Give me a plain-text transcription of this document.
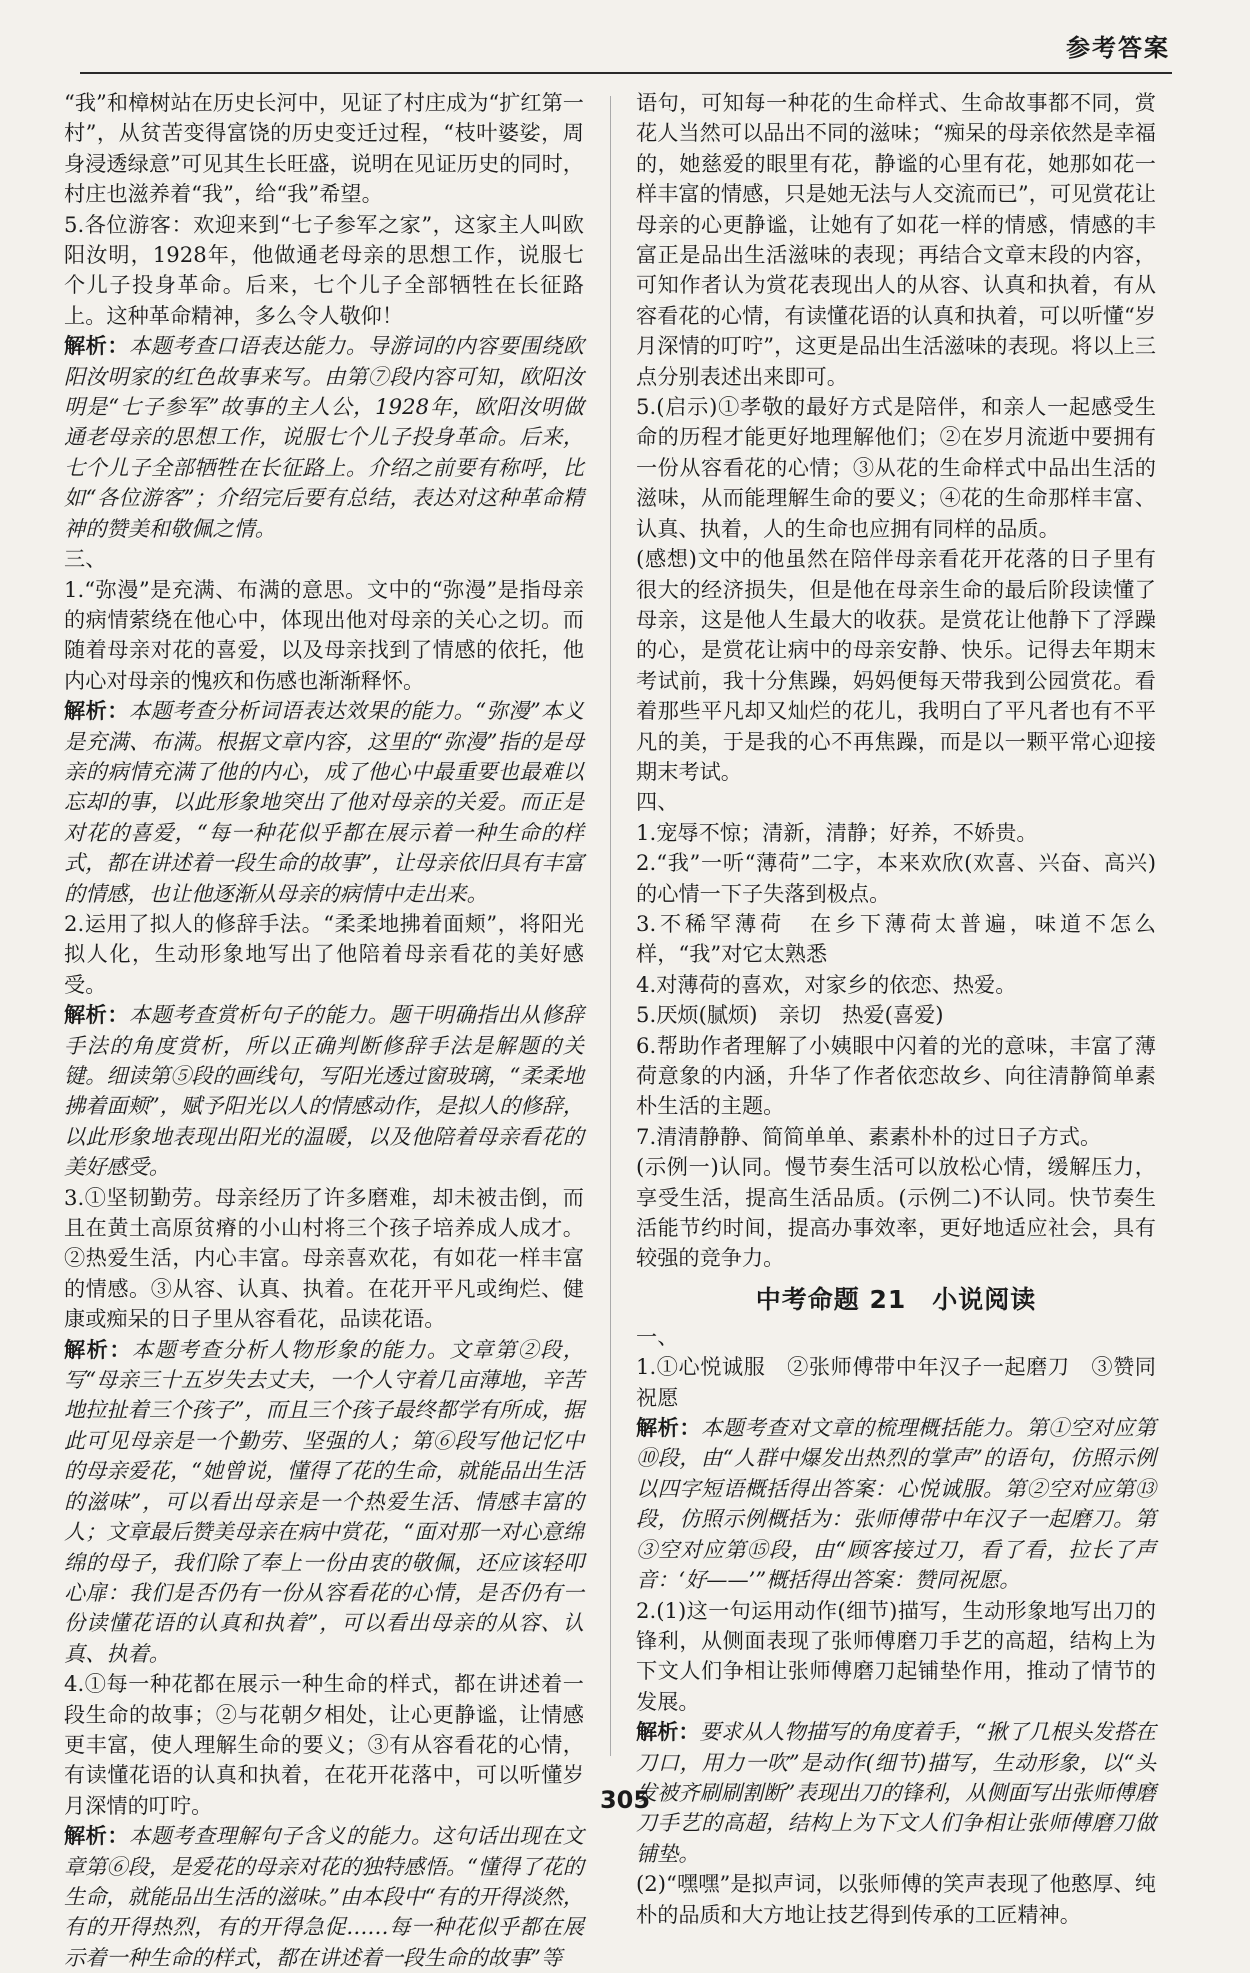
参考答案

“我”和樟树站在历史长河中，见证了村庄成为“扩红第一村”，从贫苦变得富饶的历史变迁过程，“枝叶婆娑，周身浸透绿意”可见其生长旺盛，说明在见证历史的同时，村庄也滋养着“我”，给“我”希望。

5.各位游客：欢迎来到“七子参军之家”，这家主人叫欧阳汝明，1928年，他做通老母亲的思想工作，说服七个儿子投身革命。后来，七个儿子全部牺牲在长征路上。这种革命精神，多么令人敬仰！

解析：本题考查口语表达能力。导游词的内容要围绕欧阳汝明家的红色故事来写。由第⑦段内容可知，欧阳汝明是“七子参军”故事的主人公，1928年，欧阳汝明做通老母亲的思想工作，说服七个儿子投身革命。后来，七个儿子全部牺牲在长征路上。介绍之前要有称呼，比如“各位游客”；介绍完后要有总结，表达对这种革命精神的赞美和敬佩之情。

三、

1.“弥漫”是充满、布满的意思。文中的“弥漫”是指母亲的病情萦绕在他心中，体现出他对母亲的关心之切。而随着母亲对花的喜爱，以及母亲找到了情感的依托，他内心对母亲的愧疚和伤感也渐渐释怀。

解析：本题考查分析词语表达效果的能力。“弥漫”本义是充满、布满。根据文章内容，这里的“弥漫”指的是母亲的病情充满了他的内心，成了他心中最重要也最难以忘却的事，以此形象地突出了他对母亲的关爱。而正是对花的喜爱，“每一种花似乎都在展示着一种生命的样式，都在讲述着一段生命的故事”，让母亲依旧具有丰富的情感，也让他逐渐从母亲的病情中走出来。

2.运用了拟人的修辞手法。“柔柔地拂着面颊”，将阳光拟人化，生动形象地写出了他陪着母亲看花的美好感受。

解析：本题考查赏析句子的能力。题干明确指出从修辞手法的角度赏析，所以正确判断修辞手法是解题的关键。细读第⑤段的画线句，写阳光透过窗玻璃，“柔柔地拂着面颊”，赋予阳光以人的情感动作，是拟人的修辞，以此形象地表现出阳光的温暖，以及他陪着母亲看花的美好感受。

3.①坚韧勤劳。母亲经历了许多磨难，却未被击倒，而且在黄土高原贫瘠的小山村将三个孩子培养成人成才。②热爱生活，内心丰富。母亲喜欢花，有如花一样丰富的情感。③从容、认真、执着。在花开平凡或绚烂、健康或痴呆的日子里从容看花，品读花语。

解析：本题考查分析人物形象的能力。文章第②段，写“母亲三十五岁失去丈夫，一个人守着几亩薄地，辛苦地拉扯着三个孩子”，而且三个孩子最终都学有所成，据此可见母亲是一个勤劳、坚强的人；第⑥段写他记忆中的母亲爱花，“她曾说，懂得了花的生命，就能品出生活的滋味”，可以看出母亲是一个热爱生活、情感丰富的人；文章最后赞美母亲在病中赏花，“面对那一对心意绵绵的母子，我们除了奉上一份由衷的敬佩，还应该轻叩心扉：我们是否仍有一份从容看花的心情，是否仍有一份读懂花语的认真和执着”，可以看出母亲的从容、认真、执着。

4.①每一种花都在展示一种生命的样式，都在讲述着一段生命的故事；②与花朝夕相处，让心更静谧，让情感更丰富，使人理解生命的要义；③有从容看花的心情，有读懂花语的认真和执着，在花开花落中，可以听懂岁月深情的叮咛。

解析：本题考查理解句子含义的能力。这句话出现在文章第⑥段，是爱花的母亲对花的独特感悟。“懂得了花的生命，就能品出生活的滋味。”由本段中“有的开得淡然，有的开得热烈，有的开得急促……每一种花似乎都在展示着一种生命的样式，都在讲述着一段生命的故事”等

语句，可知每一种花的生命样式、生命故事都不同，赏花人当然可以品出不同的滋味；“痴呆的母亲依然是幸福的，她慈爱的眼里有花，静谧的心里有花，她那如花一样丰富的情感，只是她无法与人交流而已”，可见赏花让母亲的心更静谧，让她有了如花一样的情感，情感的丰富正是品出生活滋味的表现；再结合文章末段的内容，可知作者认为赏花表现出人的从容、认真和执着，有从容看花的心情，有读懂花语的认真和执着，可以听懂“岁月深情的叮咛”，这更是品出生活滋味的表现。将以上三点分别表述出来即可。

5.(启示)①孝敬的最好方式是陪伴，和亲人一起感受生命的历程才能更好地理解他们；②在岁月流逝中要拥有一份从容看花的心情；③从花的生命样式中品出生活的滋味，从而能理解生命的要义；④花的生命那样丰富、认真、执着，人的生命也应拥有同样的品质。

(感想)文中的他虽然在陪伴母亲看花开花落的日子里有很大的经济损失，但是他在母亲生命的最后阶段读懂了母亲，这是他人生最大的收获。是赏花让他静下了浮躁的心，是赏花让病中的母亲安静、快乐。记得去年期末考试前，我十分焦躁，妈妈便每天带我到公园赏花。看着那些平凡却又灿烂的花儿，我明白了平凡者也有不平凡的美，于是我的心不再焦躁，而是以一颗平常心迎接期末考试。

四、

1.宠辱不惊；清新，清静；好养，不娇贵。

2.“我”一听“薄荷”二字，本来欢欣(欢喜、兴奋、高兴)的心情一下子失落到极点。

3.不稀罕薄荷　在乡下薄荷太普遍，味道不怎么样，“我”对它太熟悉

4.对薄荷的喜欢，对家乡的依恋、热爱。

5.厌烦(腻烦)　亲切　热爱(喜爱)

6.帮助作者理解了小姨眼中闪着的光的意味，丰富了薄荷意象的内涵，升华了作者依恋故乡、向往清静简单素朴生活的主题。

7.清清静静、简简单单、素素朴朴的过日子方式。

(示例一)认同。慢节奏生活可以放松心情，缓解压力，享受生活，提高生活品质。(示例二)不认同。快节奏生活能节约时间，提高办事效率，更好地适应社会，具有较强的竞争力。

中考命题 21　小说阅读

一、

1.①心悦诚服　②张师傅带中年汉子一起磨刀　③赞同祝愿

解析：本题考查对文章的梳理概括能力。第①空对应第⑩段，由“人群中爆发出热烈的掌声”的语句，仿照示例以四字短语概括得出答案：心悦诚服。第②空对应第⑬段，仿照示例概括为：张师傅带中年汉子一起磨刀。第③空对应第⑮段，由“顾客接过刀，看了看，拉长了声音：‘好——’”概括得出答案：赞同祝愿。

2.(1)这一句运用动作(细节)描写，生动形象地写出刀的锋利，从侧面表现了张师傅磨刀手艺的高超，结构上为下文人们争相让张师傅磨刀起铺垫作用，推动了情节的发展。

解析：要求从人物描写的角度着手，“揪了几根头发搭在刀口，用力一吹”是动作(细节)描写，生动形象，以“头发被齐刷刷割断”表现出刀的锋利，从侧面写出张师傅磨刀手艺的高超，结构上为下文人们争相让张师傅磨刀做铺垫。

(2)“嘿嘿”是拟声词，以张师傅的笑声表现了他憨厚、纯朴的品质和大方地让技艺得到传承的工匠精神。

305
